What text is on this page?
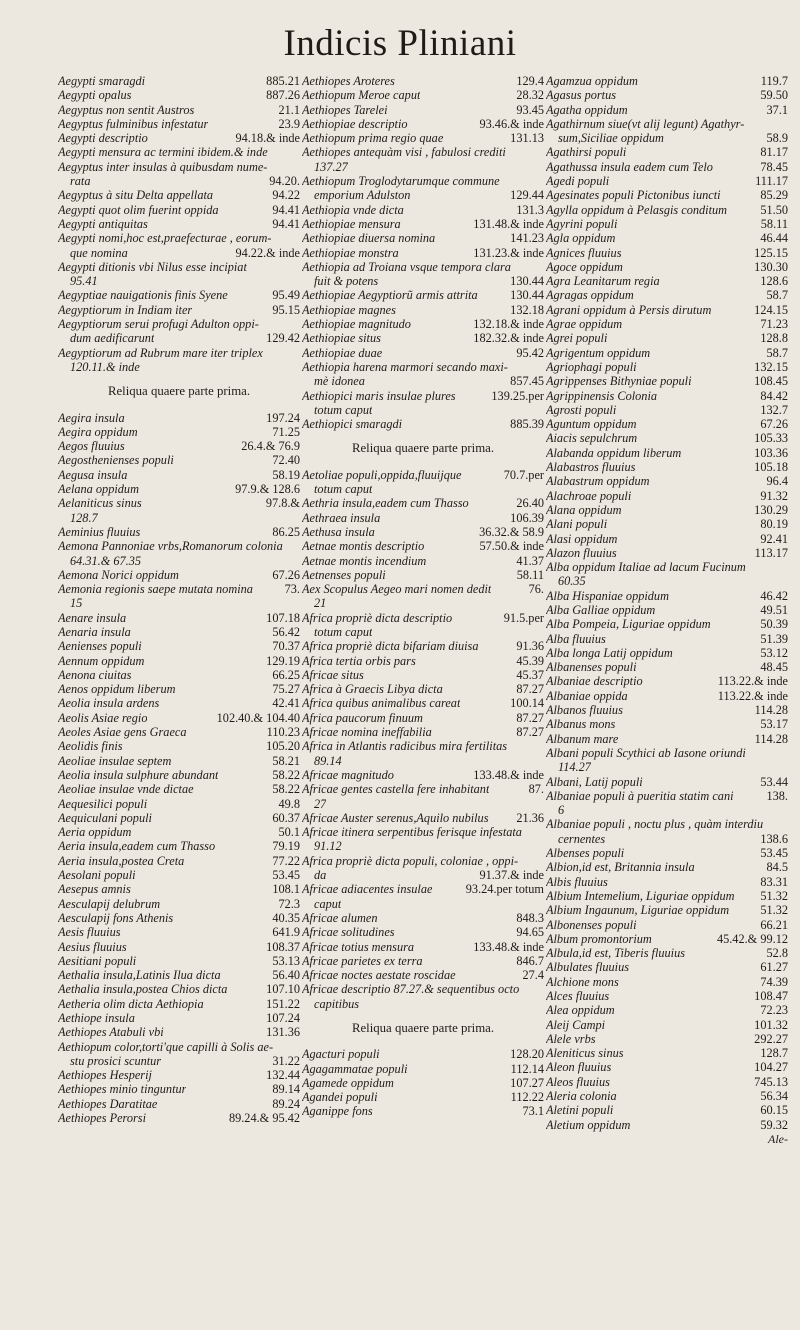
Indicis Pliniani
Aegypti smaragdi	885.21
Aegypti opalus	887.26
Aegyptus non sentit Austros	21.1
Aegyptus fulminibus infestatur	23.9
Aegypti descriptio	94.18.& inde
Aegypti mensura ac termini ibidem.& inde
Aegyptus inter insulas à quibusdam nume-
rata	94.20.
Aegyptus à situ Delta appellata	94.22
Aegypti quot olim fuerint oppida	94.41
Aegypti antiquitas	94.41
Aegypti nomi,hoc est,praefecturae , eorum-
que nomina	94.22.& inde
Aegypti ditionis vbi Nilus esse incipiat
95.41
Aegyptiae nauigationis finis Syene	95.49
Aegyptiorum in Indiam iter	95.15
Aegyptiorum serui profugi Adulton oppi-
dum aedificarunt	129.42
Aegyptiorum ad Rubrum mare iter triplex
120.11.& inde
Reliqua quaere parte prima.
Aegira insula	197.24
Aegira oppidum	71.25
Aegos fluuius	26.4.& 76.9
Aegosthenienses populi	72.40
Aegusa insula	58.19
Aelana oppidum	97.9.& 128.6
Aelaniticus sinus	97.8.&
128.7
Aeminius fluuius	86.25
Aemona Pannoniae vrbs,Romanorum colonia
64.31.& 67.35
Aemona Norici oppidum	67.26
Aemonia regionis saepe mutata nomina	73.
15
Aenare insula	107.18
Aenaria insula	56.42
Aenienses populi	70.37
Aennum oppidum	129.19
Aenona ciuitas	66.25
Aenos oppidum liberum	75.27
Aeolia insula ardens	42.41
Aeolis Asiae regio	102.40.& 104.40
Aeoles Asiae gens Graeca	110.23
Aeolidis finis	105.20
Aeoliae insulae septem	58.21
Aeolia insula sulphure abundant	58.22
Aeoliae insulae vnde dictae	58.22
Aequesilici populi	49.8
Aequiculani populi	60.37
Aeria oppidum	50.1
Aeria insula,eadem cum Thasso	79.19
Aeria insula,postea Creta	77.22
Aesolani populi	53.45
Aesepus amnis	108.1
Aesculapij delubrum	72.3
Aesculapij fons Athenis	40.35
Aesis fluuius	641.9
Aesius fluuius	108.37
Aesitiani populi	53.13
Aethalia insula,Latinis Ilua dicta	56.40
Aethalia insula,postea Chios dicta	107.10
Aetheria olim dicta Aethiopia	151.22
Aethiope insula	107.24
Aethiopes Atabuli vbi	131.36
Aethiopum color,torti'que capilli à Solis ae-
stu prosici scuntur	31.22
Aethiopes Hesperij	132.44
Aethiopes minio tinguntur	89.14
Aethiopes Daratitae	89.24
Aethiopes Perorsi	89.24.& 95.42
Aethiopes Aroteres	129.4
Aethiopum Meroe caput	28.32
Aethiopes Tarelei	93.45
Aethiopiae descriptio	93.46.& inde
Aethiopum prima regio quae	131.13
Aethiopes antequàm visi , fabulosi crediti
137.27
Aethiopum Troglodytarumque commune
emporium Adulston	129.44
Aethiopia vnde dicta	131.3
Aethiopiae mensura	131.48.& inde
Aethiopiae diuersa nomina	141.23
Aethiopiae monstra	131.23.& inde
Aethiopia ad Troiana vsque tempora clara
fuit & potens	130.44
Aethiopiae Aegyptiorũ armis attrita	130.44
Aethiopiae magnes	132.18
Aethiopiae magnitudo	132.18.& inde
Aethiopiae situs	182.32.& inde
Aethiopiae duae	95.42
Aethiopia harena marmori secando maxi-
mè idonea	857.45
Aethiopici maris insulae plures	139.25.per
totum caput
Aethiopici smaragdi	885.39
Reliqua quaere parte prima.
Aetoliae populi,oppida,fluuijque	70.7.per
totum caput
Aethria insula,eadem cum Thasso	26.40
Aethraea insula	106.39
Aethusa insula	36.32.& 58.9
Aetnae montis descriptio	57.50.& inde
Aetnae montis incendium	41.37
Aetnenses populi	58.11
Aex Scopulus Aegeo mari nomen dedit	76.
21
Africa propriè dicta descriptio	91.5.per
totum caput
Africa propriè dicta bifariam diuisa	91.36
Africa tertia orbis pars	45.39
Africae situs	45.37
Africa à Graecis Libya dicta	87.27
Africa quibus animalibus careat	100.14
Africa paucorum finuum	87.27
Africae nomina ineffabilia	87.27
Africa in Atlantis radicibus mira fertilitas
89.14
Africae magnitudo	133.48.& inde
Africae gentes castella fere inhabitant	87.
27
Africae Auster serenus,Aquilo nubilus 21.36
Africae itinera serpentibus ferisque infestata
91.12
Africa propriè dicta populi, coloniae , oppi-
da	91.37.& inde
Africae adiacentes insulae	93.24.per totum
caput
Africae alumen	848.3
Africae solitudines	94.65
Africae totius mensura	133.48.& inde
Africae parietes ex terra	846.7
Africae noctes aestate roscidae	27.4
Africae descriptio 87.27.& sequentibus octo
capitibus
Reliqua quaere parte prima.
Agacturi populi	128.20
Agagammatae populi	112.14
Agamede oppidum	107.27
Agandei populi	112.22
Aganippe fons	73.1
Agamzua oppidum	119.7
Agasus portus	59.50
Agatha oppidum	37.1
Agathirnum siue(vt alij legunt) Agathyr-
sum,Siciliae oppidum	58.9
Agathirsi populi	81.17
Agathussa insula eadem cum Telo	78.45
Agedi populi	111.17
Agesinates populi Pictonibus iuncti	85.29
Agylla oppidum à Pelasgis conditum	51.50
Agyrini populi	58.11
Agla oppidum	46.44
Agnices fluuius	125.15
Agoce oppidum	130.30
Agra Leanitarum regia	128.6
Agragas oppidum	58.7
Agrani oppidum à Persis dirutum	124.15
Agrae oppidum	71.23
Agrei populi	128.8
Agrigentum oppidum	58.7
Agriophagi populi	132.15
Agrippenses Bithyniae populi	108.45
Agrippinensis Colonia	84.42
Agrosti populi	132.7
Aguntum oppidum	67.26
Aiacis sepulchrum	105.33
Alabanda oppidum liberum	103.36
Alabastros fluuius	105.18
Alabastrum oppidum	96.4
Alachroae populi	91.32
Alana oppidum	130.29
Alani populi	80.19
Alasi oppidum	92.41
Alazon fluuius	113.17
Alba oppidum Italiae ad lacum Fucinum
60.35
Alba Hispaniae oppidum	46.42
Alba Galliae oppidum	49.51
Alba Pompeia, Liguriae oppidum	50.39
Alba fluuius	51.39
Alba longa Latij oppidum	53.12
Albanenses populi	48.45
Albaniae descriptio	113.22.& inde
Albaniae oppida	113.22.& inde
Albanos fluuius	114.28
Albanus mons	53.17
Albanum mare	114.28
Albani populi Scythici ab Iasone oriundi
114.27
Albani, Latij populi	53.44
Albaniae populi à pueritia statim cani	138.
6
Albaniae populi , noctu plus , quàm interdiu
cernentes	138.6
Albenses populi	53.45
Albion,id est, Britannia insula	84.5
Albis fluuius	83.31
Albium Intemelium, Liguriae oppidum 51.32
Albium Ingaunum, Liguriae oppidum	51.32
Albonenses populi	66.21
Album promontorium	45.42.& 99.12
Albula,id est, Tiberis fluuius	52.8
Albulates fluuius	61.27
Alchione mons	74.39
Alces fluuius	108.47
Alea oppidum	72.23
Aleij Campi	101.32
Alele vrbs	292.27
Aleniticus sinus	128.7
Aleon fluuius	104.27
Aleos fluuius	745.13
Aleria colonia	56.34
Aletini populi	60.15
Aletium oppidum	59.32
Ale-
